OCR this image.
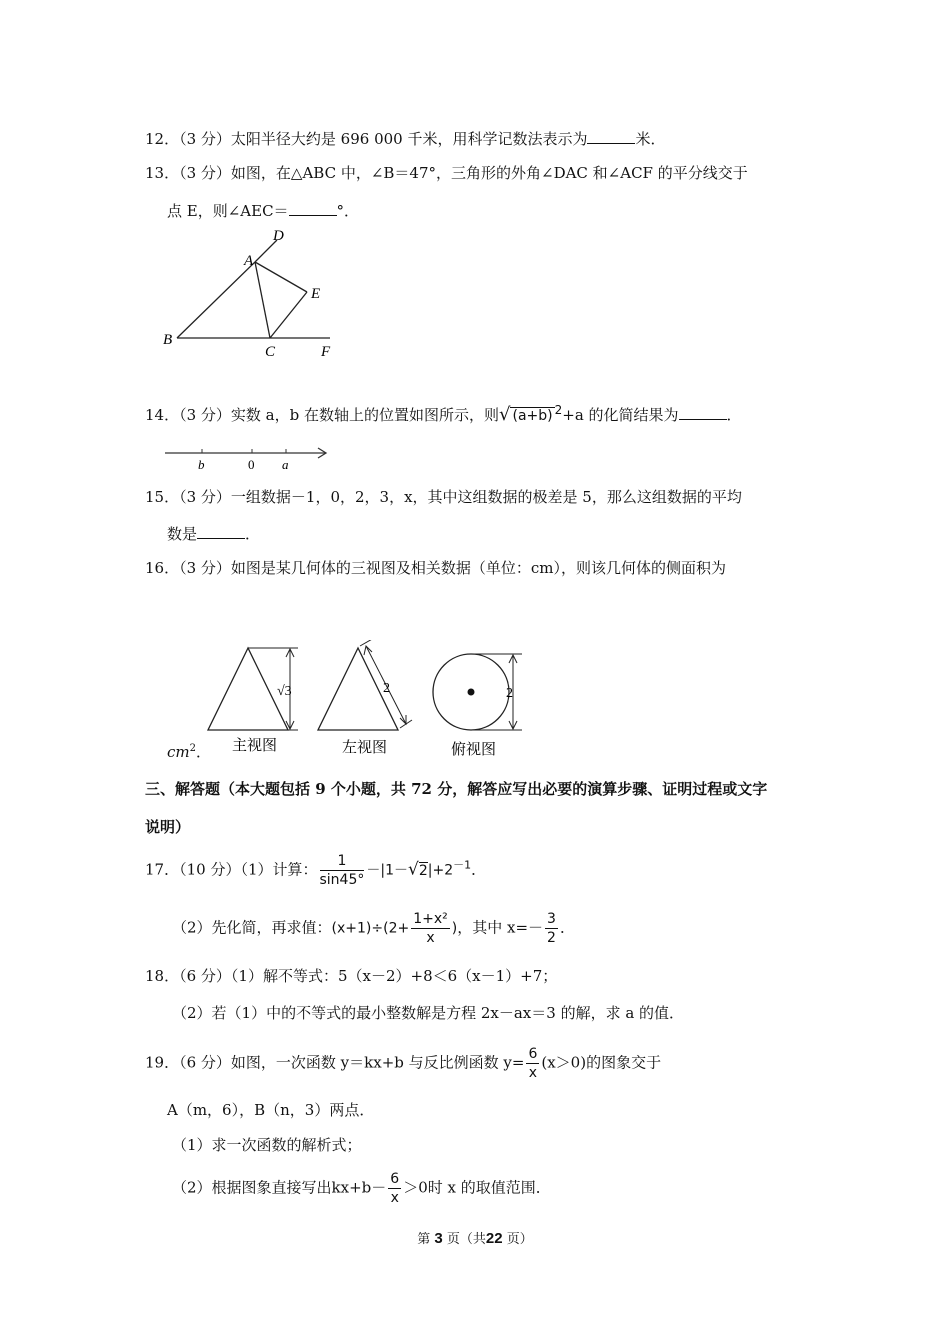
12．（3 分）太阳半径大约是 696 000 千米，用科学记数法表示为	米．
13．（3 分）如图，在△ABC 中，∠B＝47°，三角形的外角∠DAC 和∠ACF 的平分线交于
点 E，则∠AEC＝	°．
D
A
E
B
C	F
14．（3 分）实数 a，b 在数轴上的位置如图所示，则√ (a+b) $^2$+a 的化简结果为	．
b	0 a
15．（3 分）一组数据－1，0，2，3，x，其中这组数据的极差是 5，那么这组数据的平均
数是	．
16．（3 分）如图是某几何体的三视图及相关数据（单位：cm），则该几何体的侧面积为
√3	2	2
主视图	左视图	俯视图
$cm^2$．
三、解答题（本大题包括 9 个小题，共 72 分，解答应写出必要的演算步骤、证明过程或文字
说明）
17．（10 分）（1）计算： $\frac{1}{\sin 45^\circ} -|1-√2|+2^{-1}$．
（2）先化简，再求值：$(x+1)\div(2+ \frac{\text{1+x²}}{x}$ )，其中 $x=- \frac{3}{2}$ ．
18．（6 分）（1）解不等式：5（x－2）+8＜6（x－1）+7；
（2）若（1）中的不等式的最小整数解是方程 2x－ax＝3 的解，求 a 的值．
19．（6 分）如图，一次函数 y＝kx+b 与反比例函数 $y= \frac{6}{x} (x>0)$的图象交于
A（m，6），B（n，3）两点．
（1）求一次函数的解析式；
（2）根据图象直接写出$kx+b- \frac{6}{x} >0$时 x 的取值范围．
第 3 页（共22 页）
